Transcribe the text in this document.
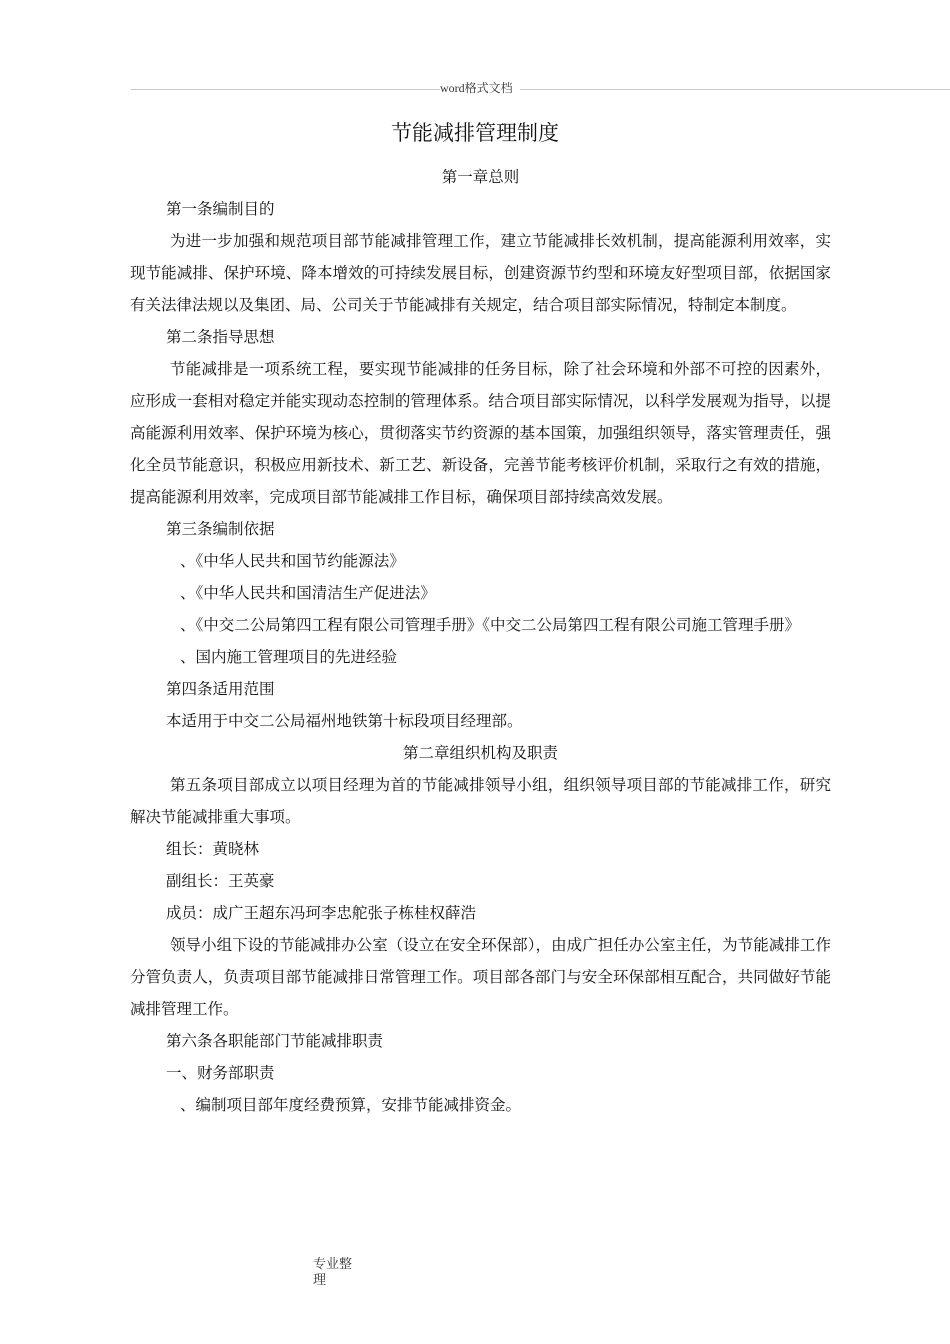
word格式文档
节能减排管理制度

第一章总则

第一条编制目的

为进一步加强和规范项目部节能减排管理工作，建立节能减排长效机制，提高能源利用效率，实现节能减排、保护环境、降本增效的可持续发展目标，创建资源节约型和环境友好型项目部，依据国家有关法律法规以及集团、局、公司关于节能减排有关规定，结合项目部实际情况，特制定本制度。

第二条指导思想

节能减排是一项系统工程，要实现节能减排的任务目标，除了社会环境和外部不可控的因素外，应形成一套相对稳定并能实现动态控制的管理体系。结合项目部实际情况，以科学发展观为指导，以提高能源利用效率、保护环境为核心，贯彻落实节约资源的基本国策，加强组织领导，落实管理责任，强化全员节能意识，积极应用新技术、新工艺、新设备，完善节能考核评价机制，采取行之有效的措施，提高能源利用效率，完成项目部节能减排工作目标，确保项目部持续高效发展。

第三条编制依据

、《中华人民共和国节约能源法》

、《中华人民共和国清洁生产促进法》

、《中交二公局第四工程有限公司管理手册》《中交二公局第四工程有限公司施工管理手册》

、国内施工管理项目的先进经验

第四条适用范围

本适用于中交二公局福州地铁第十标段项目经理部。

第二章组织机构及职责

第五条项目部成立以项目经理为首的节能减排领导小组，组织领导项目部的节能减排工作，研究解决节能减排重大事项。

组长：黄晓林

副组长：王英豪

成员：成广王超东冯珂李忠舵张子栋桂权薛浩

领导小组下设的节能减排办公室（设立在安全环保部），由成广担任办公室主任，为节能减排工作分管负责人，负责项目部节能减排日常管理工作。项目部各部门与安全环保部相互配合，共同做好节能减排管理工作。

第六条各职能部门节能减排职责

一、财务部职责

、编制项目部年度经费预算，安排节能减排资金。

专业整理
